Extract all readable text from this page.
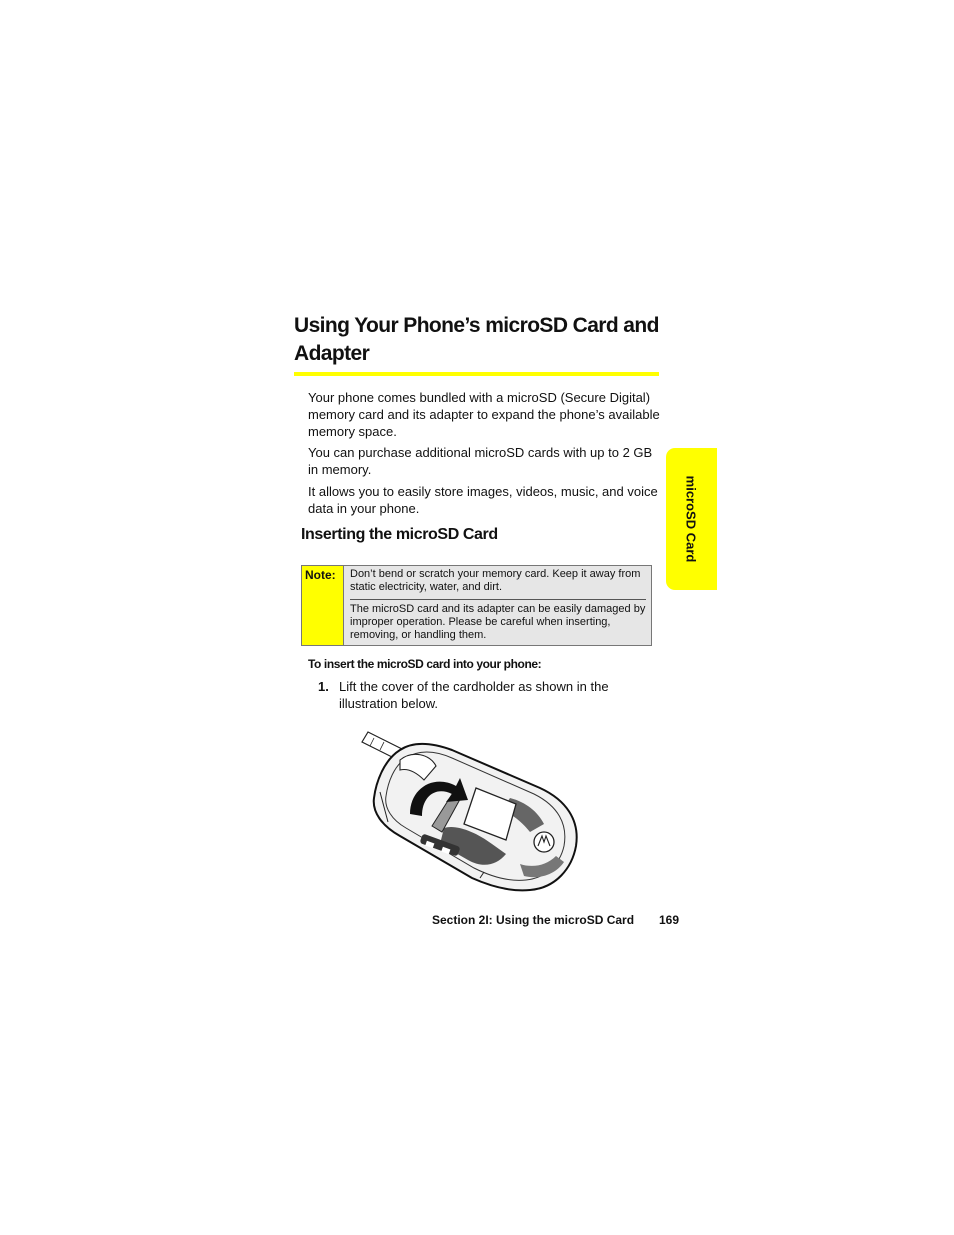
Using Your Phone’s microSD Card and Adapter

Your phone comes bundled with a microSD (Secure Digital) memory card and its adapter to expand the phone’s available memory space.

You can purchase additional microSD cards with up to 2 GB in memory.

It allows you to easily store images, videos, music, and voice data in your phone.

Inserting the microSD Card
Note:	Don’t bend or scratch your memory card. Keep it away from static electricity, water, and dirt.

The microSD card and its adapter can be easily damaged by improper operation. Please be careful when inserting, removing, or handling them.

To insert the microSD card into your phone:
1. Lift the cover of the cardholder as shown in the illustration below.
Section 2I: Using the microSD Card 169
microSD Card
